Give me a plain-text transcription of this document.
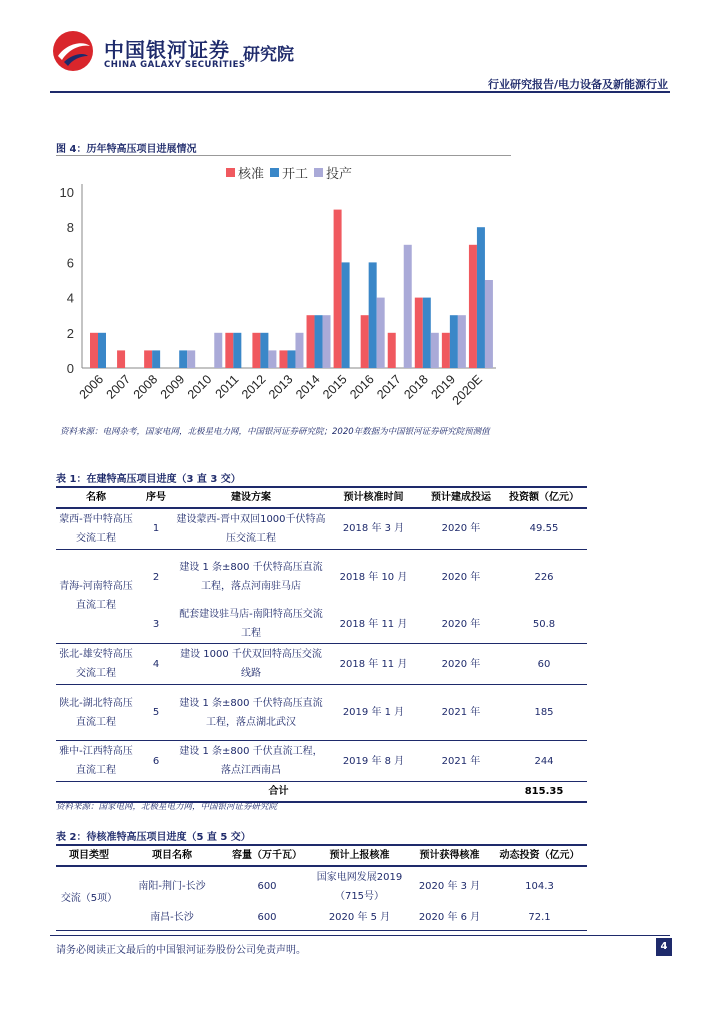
中国银河证券
CHINA GALAXY SECURITIES
研究院
行业研究报告/电力设备及新能源行业
图 4：历年特高压项目进展情况
0
2
4
6
8
10
2006
2007
2008
2009
2010
2011
2012
2013
2014
2015
2016
2017
2018
2019
2020E
核准 开工 投产
资料来源：电网杂考，国家电网，北极星电力网，中国银河证券研究院；2020年数据为中国银河证券研究院预测值
表 1：在建特高压项目进度（3 直 3 交）
名称	序号	建设方案	预计核准时间	预计建成投运	投资额（亿元）
蒙西-晋中特高压交流工程	1	建设蒙西-晋中双回1000千伏特高压交流工程	2018 年 3 月	2020 年	49.55
青海-河南特高压直流工程	2	建设 1 条±800 千伏特高压直流工程，落点河南驻马店	2018 年 10 月	2020 年	226
	3	配套建设驻马店-南阳特高压交流工程	2018 年 11 月	2020 年	50.8
张北-雄安特高压交流工程	4	建设 1000 千伏双回特高压交流线路	2018 年 11 月	2020 年	60
陕北-湖北特高压直流工程	5	建设 1 条±800 千伏特高压直流工程，落点湖北武汉	2019 年 1 月	2021 年	185
雅中-江西特高压直流工程	6	建设 1 条±800 千伏直流工程，落点江西南昌	2019 年 8 月	2021 年	244
合计					815.35
资料来源：国家电网，北极星电力网，中国银河证券研究院
表 2：待核准特高压项目进度（5 直 5 交）
项目类型	项目名称	容量（万千瓦）	预计上报核准	预计获得核准	动态投资（亿元）
交流（5项）	南阳-荆门-长沙	600	国家电网发展2019（715号）	2020 年 3 月	104.3
	南昌-长沙	600	2020 年 5 月	2020 年 6 月	72.1
请务必阅读正文最后的中国银河证券股份公司免责声明。	4
